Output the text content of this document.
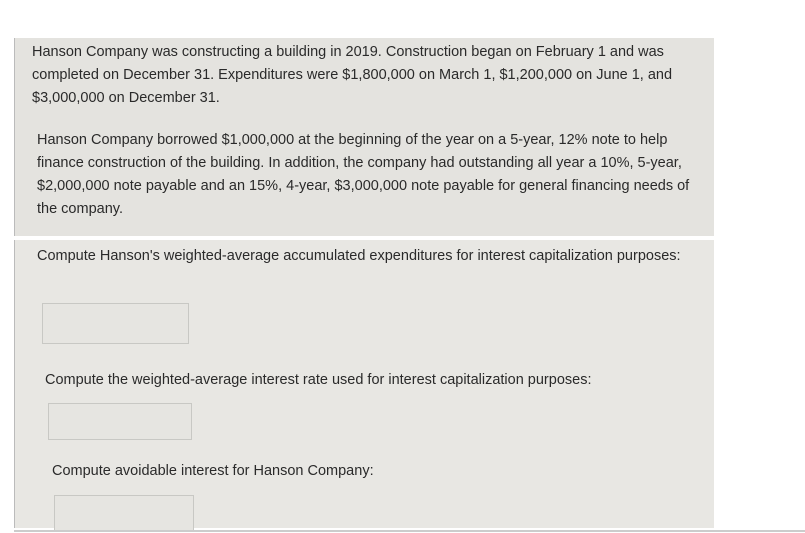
Hanson Company was constructing a building in 2019. Construction began on February 1 and was completed on December 31. Expenditures were $1,800,000 on March 1, $1,200,000 on June 1, and $3,000,000 on December 31.
Hanson Company borrowed $1,000,000 at the beginning of the year on a 5-year, 12% note to help finance construction of the building. In addition, the company had outstanding all year a 10%, 5-year, $2,000,000 note payable and an 15%, 4-year, $3,000,000 note payable for general financing needs of the company.
Compute Hanson's weighted-average accumulated expenditures for interest capitalization purposes:
Compute the weighted-average interest rate used for interest capitalization purposes:
Compute avoidable interest for Hanson Company:
